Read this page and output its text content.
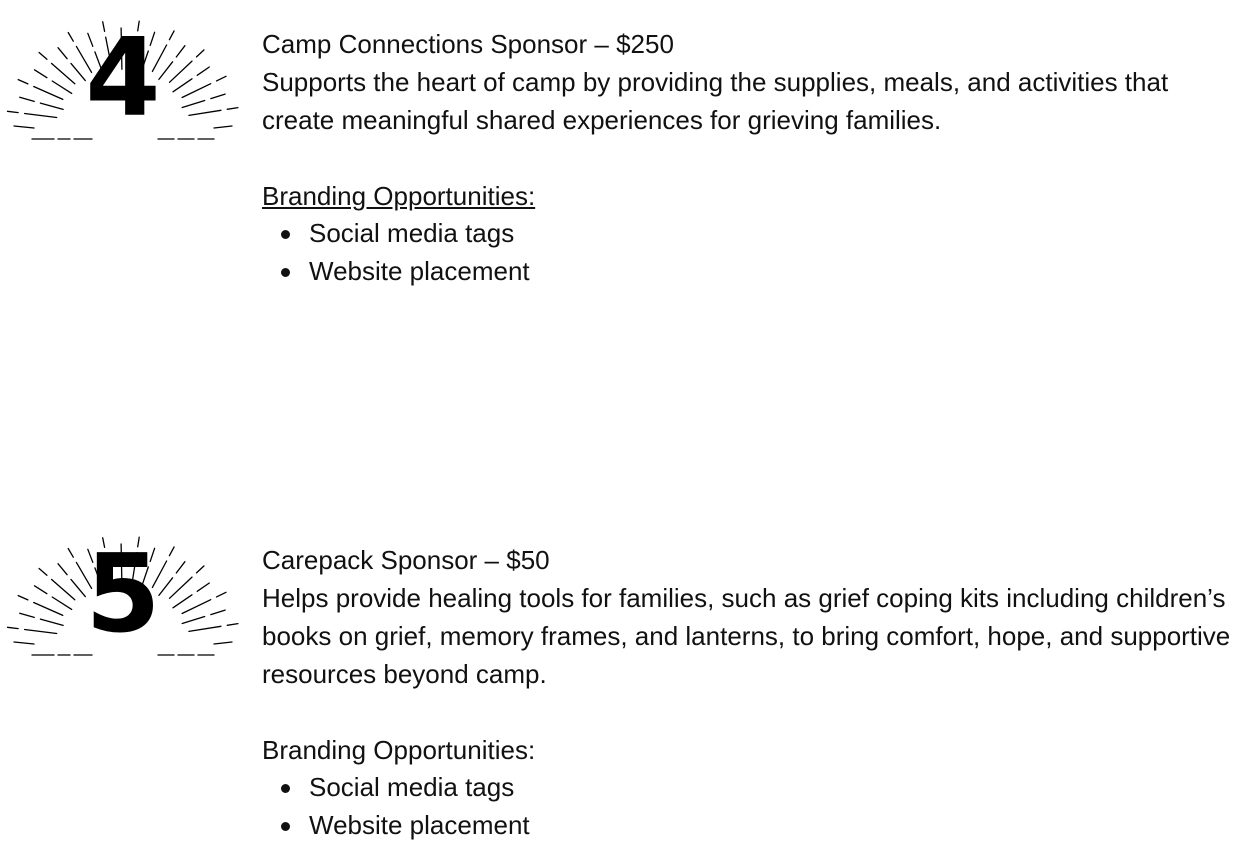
4	Camp Connections Sponsor – $250

Supports the heart of camp by providing the supplies, meals, and activities that create meaningful shared experiences for grieving families.

Branding Opportunities:
Social media tags
Website placement
5	Carepack Sponsor – $50

Helps provide healing tools for families, such as grief coping kits including children’s books on grief, memory frames, and lanterns, to bring comfort, hope, and supportive resources beyond camp.

Branding Opportunities:
Social media tags
Website placement
